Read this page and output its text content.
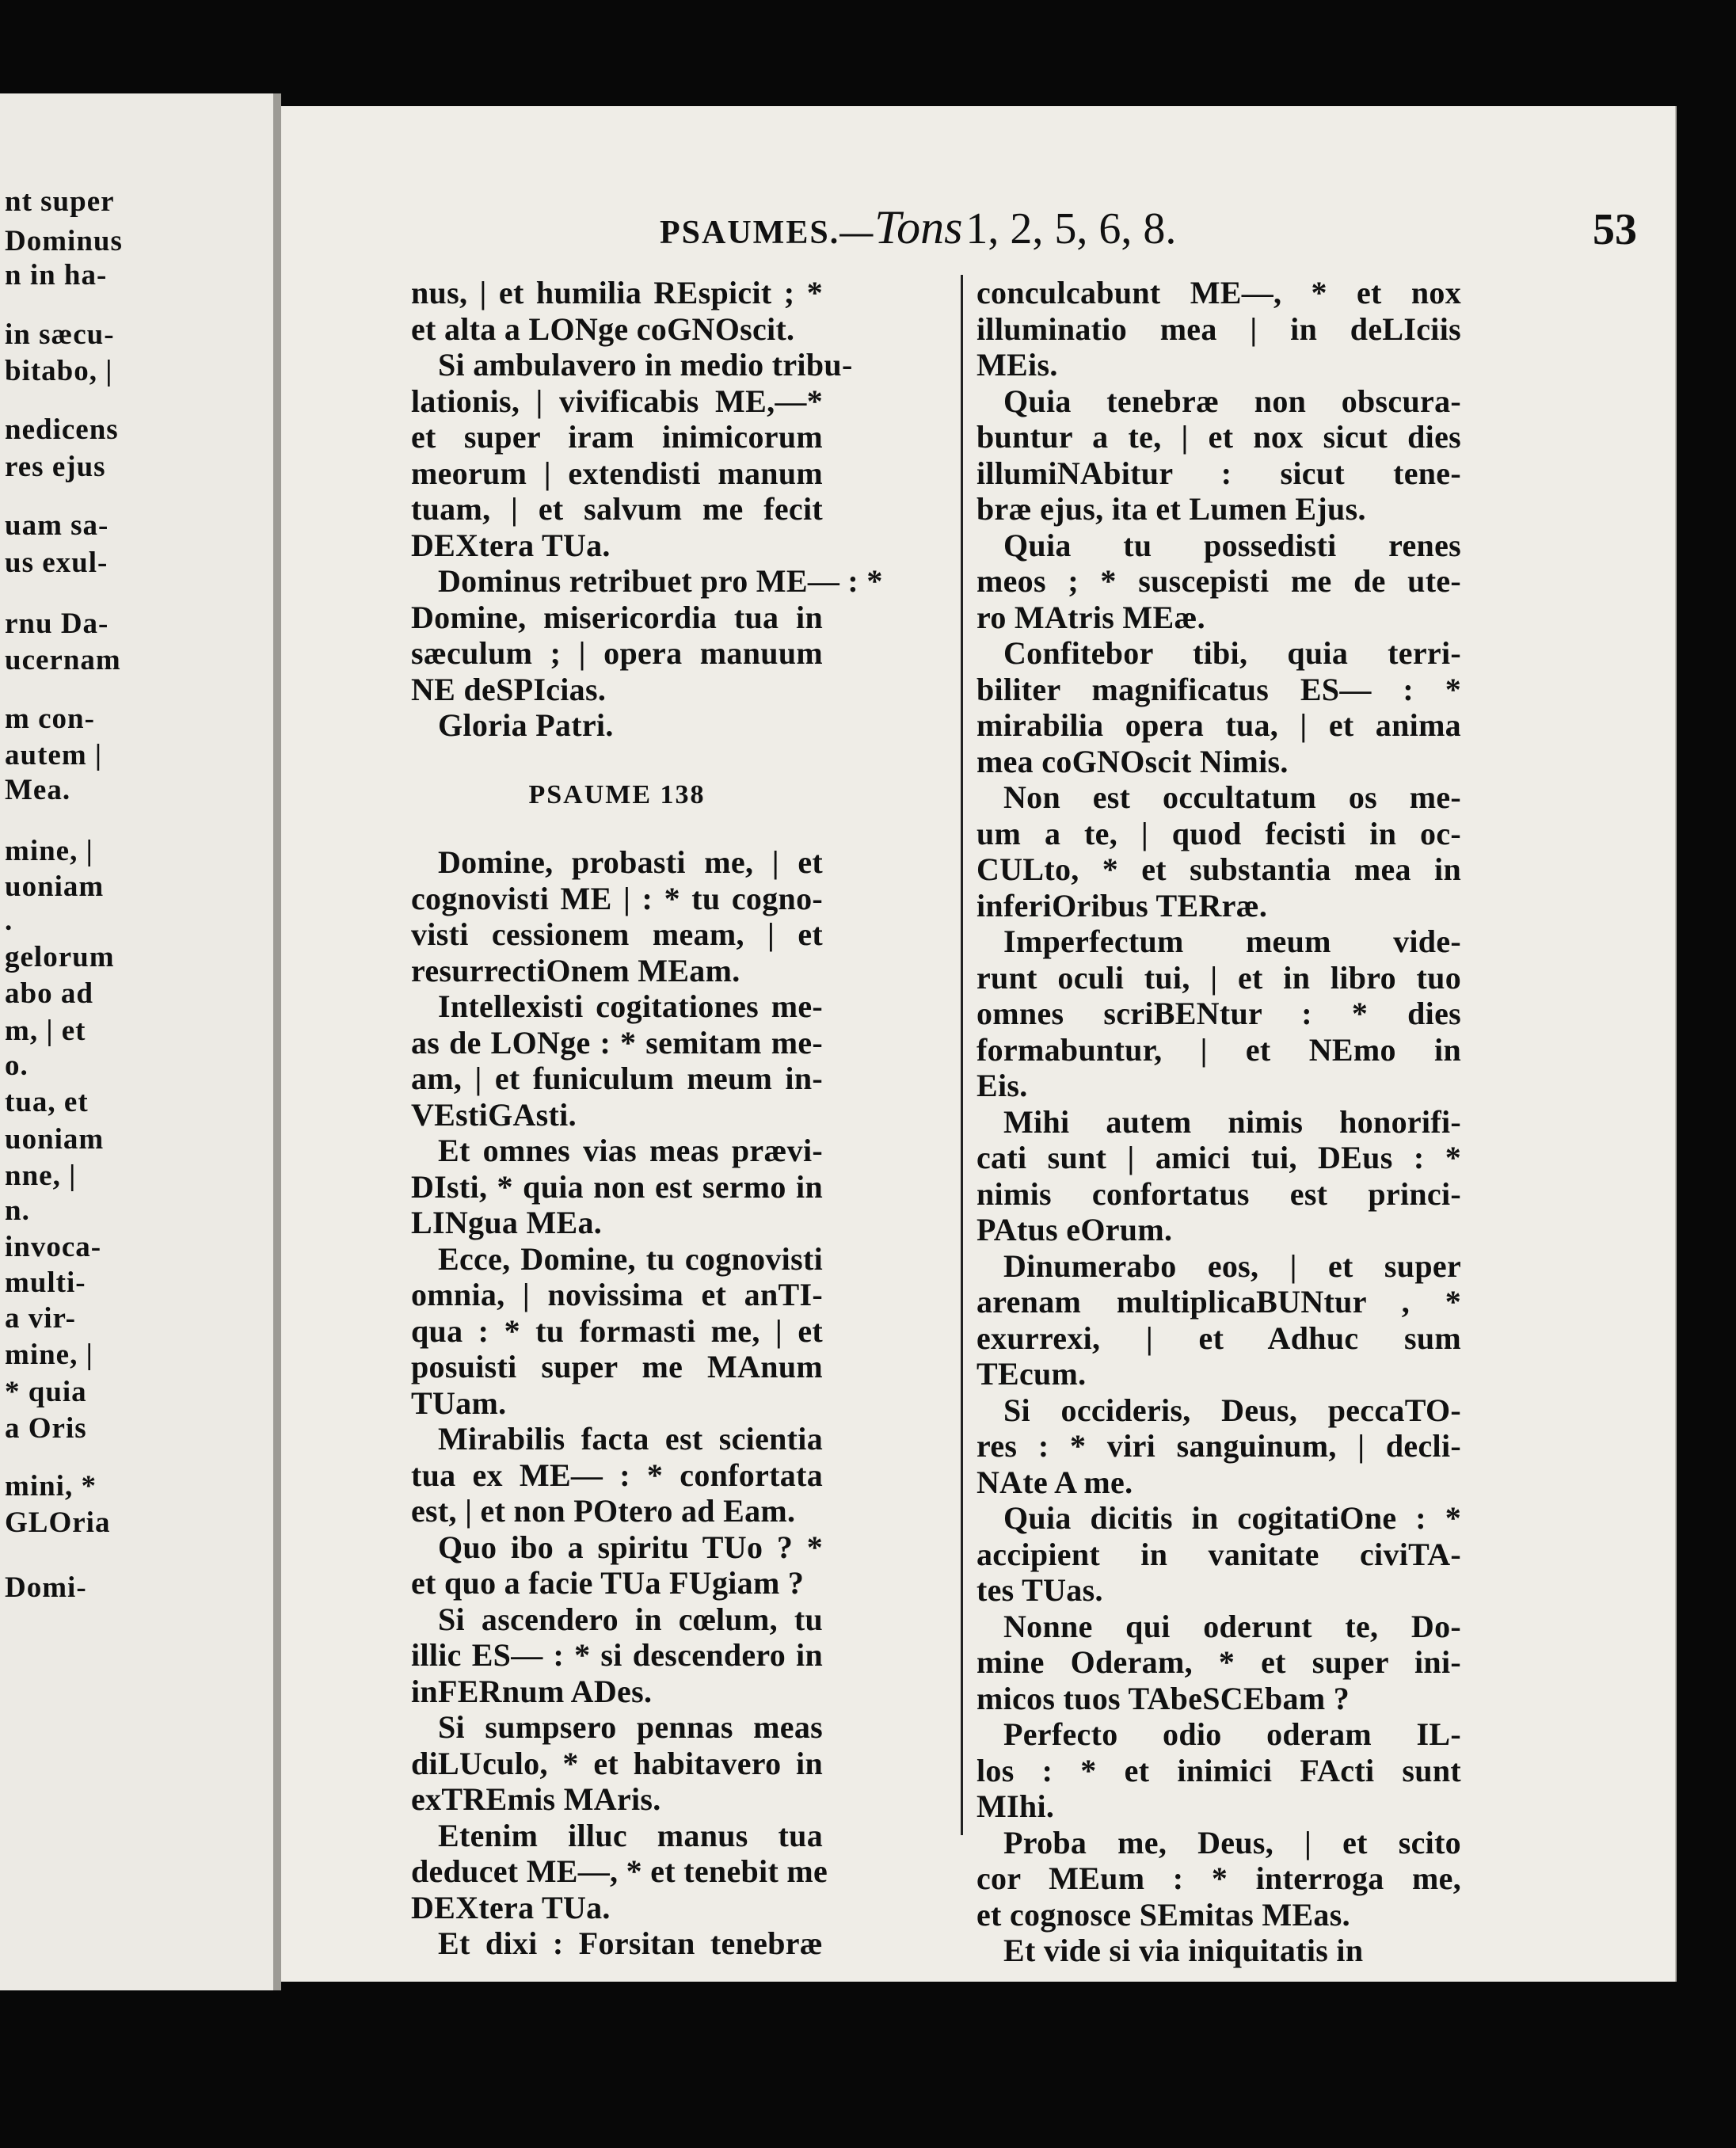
nt super
Dominus
n in ha-
in sæcu-
bitabo, |
nedicens
res ejus
uam sa-
us exul-
rnu Da-
ucernam
m con-
autem |
Mea.
mine, |
uoniam
.
gelorum
abo ad
m, | et
o.
tua, et
uoniam
nne, |
n.
invoca-
multi-
a vir-
mine, |
* quia
a Oris
mini, *
GLOria
Domi-
PSAUMES.—Tons 1, 2, 5, 6, 8.	53
nus, | et humilia REspicit ; *
et alta a LONge coGNOscit.
Si ambulavero in medio tribu-
lationis, | vivificabis ME,—*
et super iram inimicorum
meorum | extendisti manum
tuam, | et salvum me fecit
DEXtera TUa.
Dominus retribuet pro ME— : *
Domine, misericordia tua in
sæculum ; | opera manuum
NE deSPIcias.
Gloria Patri.
PSAUME 138
Domine, probasti me, | et
cognovisti ME | : * tu cogno-
visti cessionem meam, | et
resurrectiOnem MEam.
Intellexisti cogitationes me-
as de LONge : * semitam me-
am, | et funiculum meum in-
VEstiGAsti.
Et omnes vias meas prævi-
DIsti, * quia non est sermo in
LINgua MEa.
Ecce, Domine, tu cognovisti
omnia, | novissima et anTI-
qua : * tu formasti me, | et
posuisti super me MAnum
TUam.
Mirabilis facta est scientia
tua ex ME— : * confortata
est, | et non POtero ad Eam.
Quo ibo a spiritu TUo ? *
et quo a facie TUa FUgiam ?
Si ascendero in cœlum, tu
illic ES— : * si descendero in
inFERnum ADes.
Si sumpsero pennas meas
diLUculo, * et habitavero in
exTREmis MAris.
Etenim illuc manus tua
deducet ME—, * et tenebit me
DEXtera TUa.
Et dixi : Forsitan tenebræ
conculcabunt ME—, * et nox
illuminatio mea | in deLIciis
MEis.
Quia tenebræ non obscura-
buntur a te, | et nox sicut dies
illumiNAbitur : sicut tene-
bræ ejus, ita et Lumen Ejus.
Quia tu possedisti renes
meos ; * suscepisti me de ute-
ro MAtris MEæ.
Confitebor tibi, quia terri-
biliter magnificatus ES— : *
mirabilia opera tua, | et anima
mea coGNOscit Nimis.
Non est occultatum os me-
um a te, | quod fecisti in oc-
CULto, * et substantia mea in
inferiOribus TERræ.
Imperfectum meum vide-
runt oculi tui, | et in libro tuo
omnes scriBENtur : * dies
formabuntur, | et NEmo in
Eis.
Mihi autem nimis honorifi-
cati sunt | amici tui, DEus : *
nimis confortatus est princi-
PAtus eOrum.
Dinumerabo eos, | et super
arenam multiplicaBUNtur , *
exurrexi, | et Adhuc sum
TEcum.
Si occideris, Deus, peccaTO-
res : * viri sanguinum, | decli-
NAte A me.
Quia dicitis in cogitatiOne : *
accipient in vanitate civiTA-
tes TUas.
Nonne qui oderunt te, Do-
mine Oderam, * et super ini-
micos tuos TAbeSCEbam ?
Perfecto odio oderam IL-
los : * et inimici FActi sunt
MIhi.
Proba me, Deus, | et scito
cor MEum : * interroga me,
et cognosce SEmitas MEas.
Et vide si via iniquitatis in
